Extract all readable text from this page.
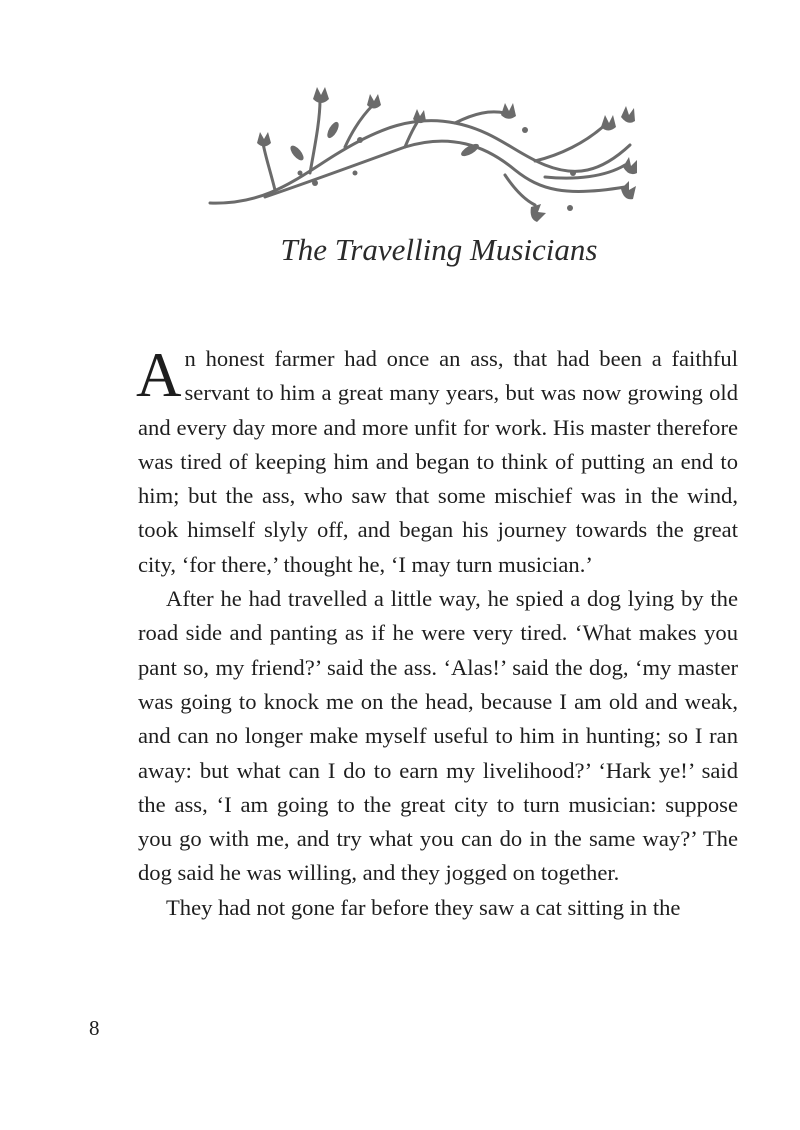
The Travelling Musicians

An honest farmer had once an ass, that had been a faithful servant to him a great many years, but was now growing old and every day more and more unfit for work. His master therefore was tired of keeping him and began to think of putting an end to him; but the ass, who saw that some mischief was in the wind, took himself slyly off, and began his journey towards the great city, ‘for there,’ thought he, ‘I may turn musician.’

After he had travelled a little way, he spied a dog lying by the road side and panting as if he were very tired. ‘What makes you pant so, my friend?’ said the ass. ‘Alas!’ said the dog, ‘my master was going to knock me on the head, because I am old and weak, and can no longer make myself useful to him in hunting; so I ran away: but what can I do to earn my livelihood?’ ‘Hark ye!’ said the ass, ‘I am going to the great city to turn musician: suppose you go with me, and try what you can do in the same way?’ The dog said he was willing, and they jogged on together.

They had not gone far before they saw a cat sitting in the

8
